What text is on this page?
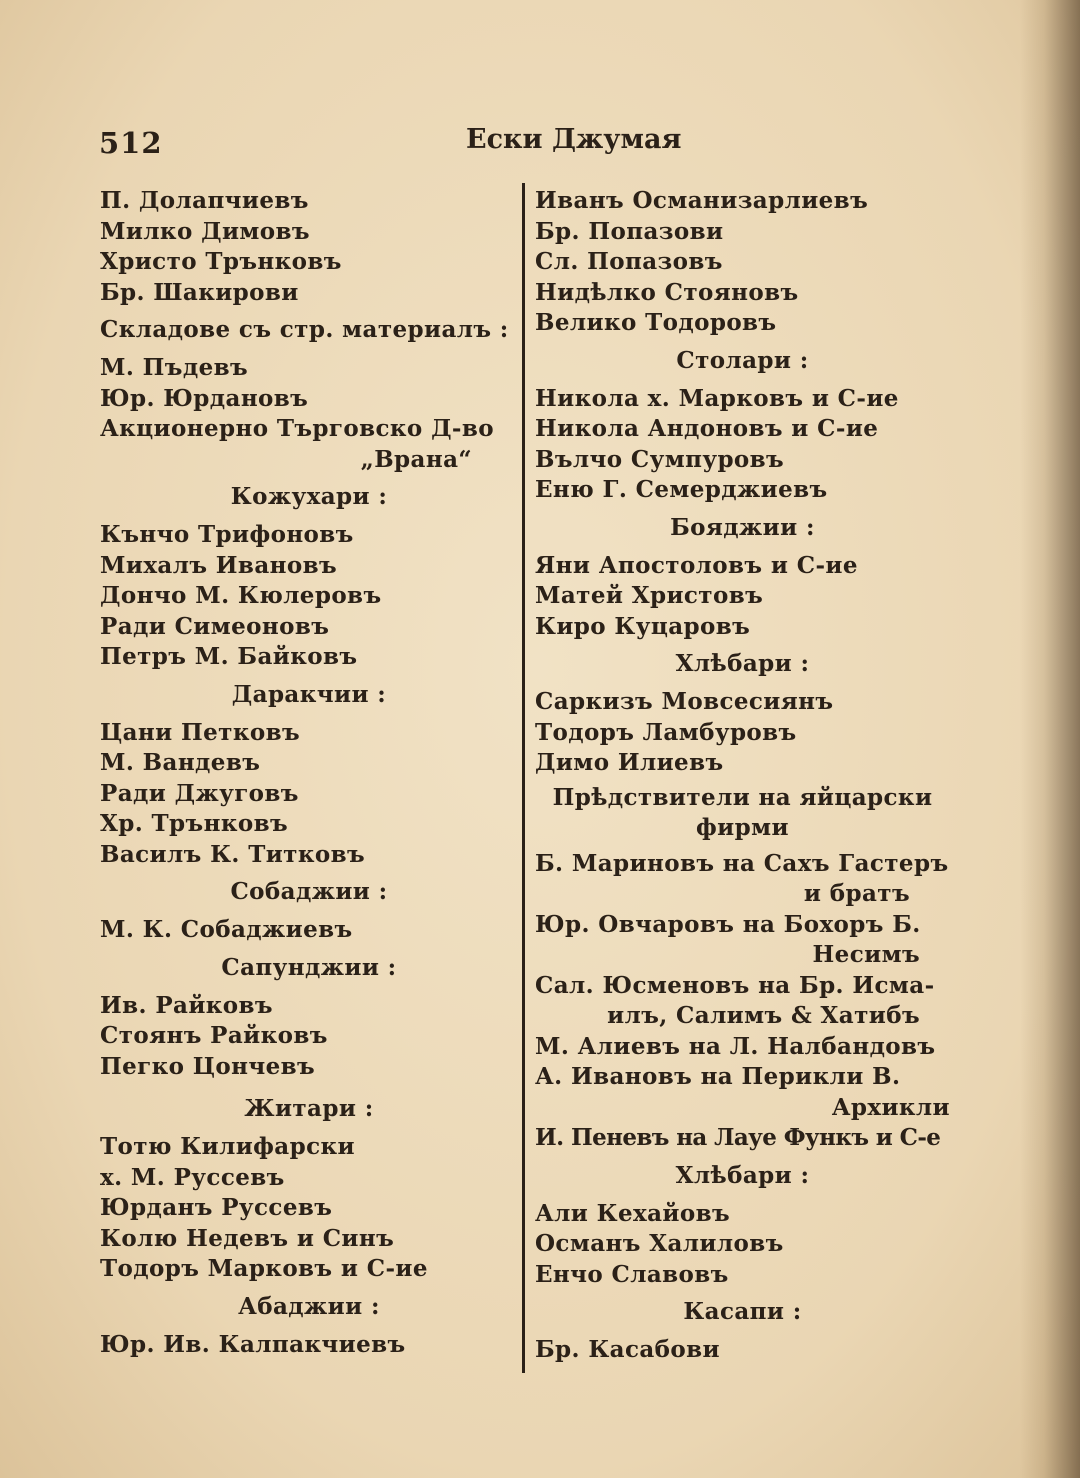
512	Ески Джумая
П. Долапчиевъ
Милко Димовъ
Христо Трънковъ
Бр. Шакирови
Складове съ стр. материалъ :
М. Пъдевъ
Юр. Юрдановъ
Акционерно Търговско Д-во
„Врана“
Кожухари :
Кънчо Трифоновъ
Михалъ Ивановъ
Дончо М. Кюлеровъ
Ради Симеоновъ
Петръ М. Байковъ
Даракчии :
Цани Петковъ
М. Вандевъ
Ради Джуговъ
Хр. Трънковъ
Василъ К. Титковъ
Собаджии :
М. К. Собаджиевъ
Сапунджии :
Ив. Райковъ
Стоянъ Райковъ
Пегко Цончевъ
Житари :
Тотю Килифарски
х. М. Руссевъ
Юрданъ Руссевъ
Колю Недевъ и Синъ
Тодоръ Марковъ и С-ие
Абаджии :
Юр. Ив. Калпакчиевъ
Иванъ Османизарлиевъ
Бр. Попазови
Сл. Попазовъ
Нидѣлко Стояновъ
Велико Тодоровъ
Столари :
Никола х. Марковъ и С-ие
Никола Андоновъ и С-ие
Вълчо Сумпуровъ
Еню Г. Семерджиевъ
Бояджии :
Яни Апостоловъ и С-ие
Матей Христовъ
Киро Куцаровъ
Хлѣбари :
Саркизъ Мовсесиянъ
Тодоръ Ламбуровъ
Димо Илиевъ
Прѣдствители на яйцарски
фирми
Б. Мариновъ на Сахъ Гастеръ
и братъ
Юр. Овчаровъ на Бохоръ Б.
Несимъ
Сал. Юсменовъ на Бр. Исма-
илъ, Салимъ & Хатибъ
М. Алиевъ на Л. Налбандовъ
А. Ивановъ на Перикли В.
Архикли
И. Пеневъ на Лауе Функъ и С-е
Хлѣбари :
Али Кехайовъ
Османъ Халиловъ
Енчо Славовъ
Касапи :
Бр. Касабови
